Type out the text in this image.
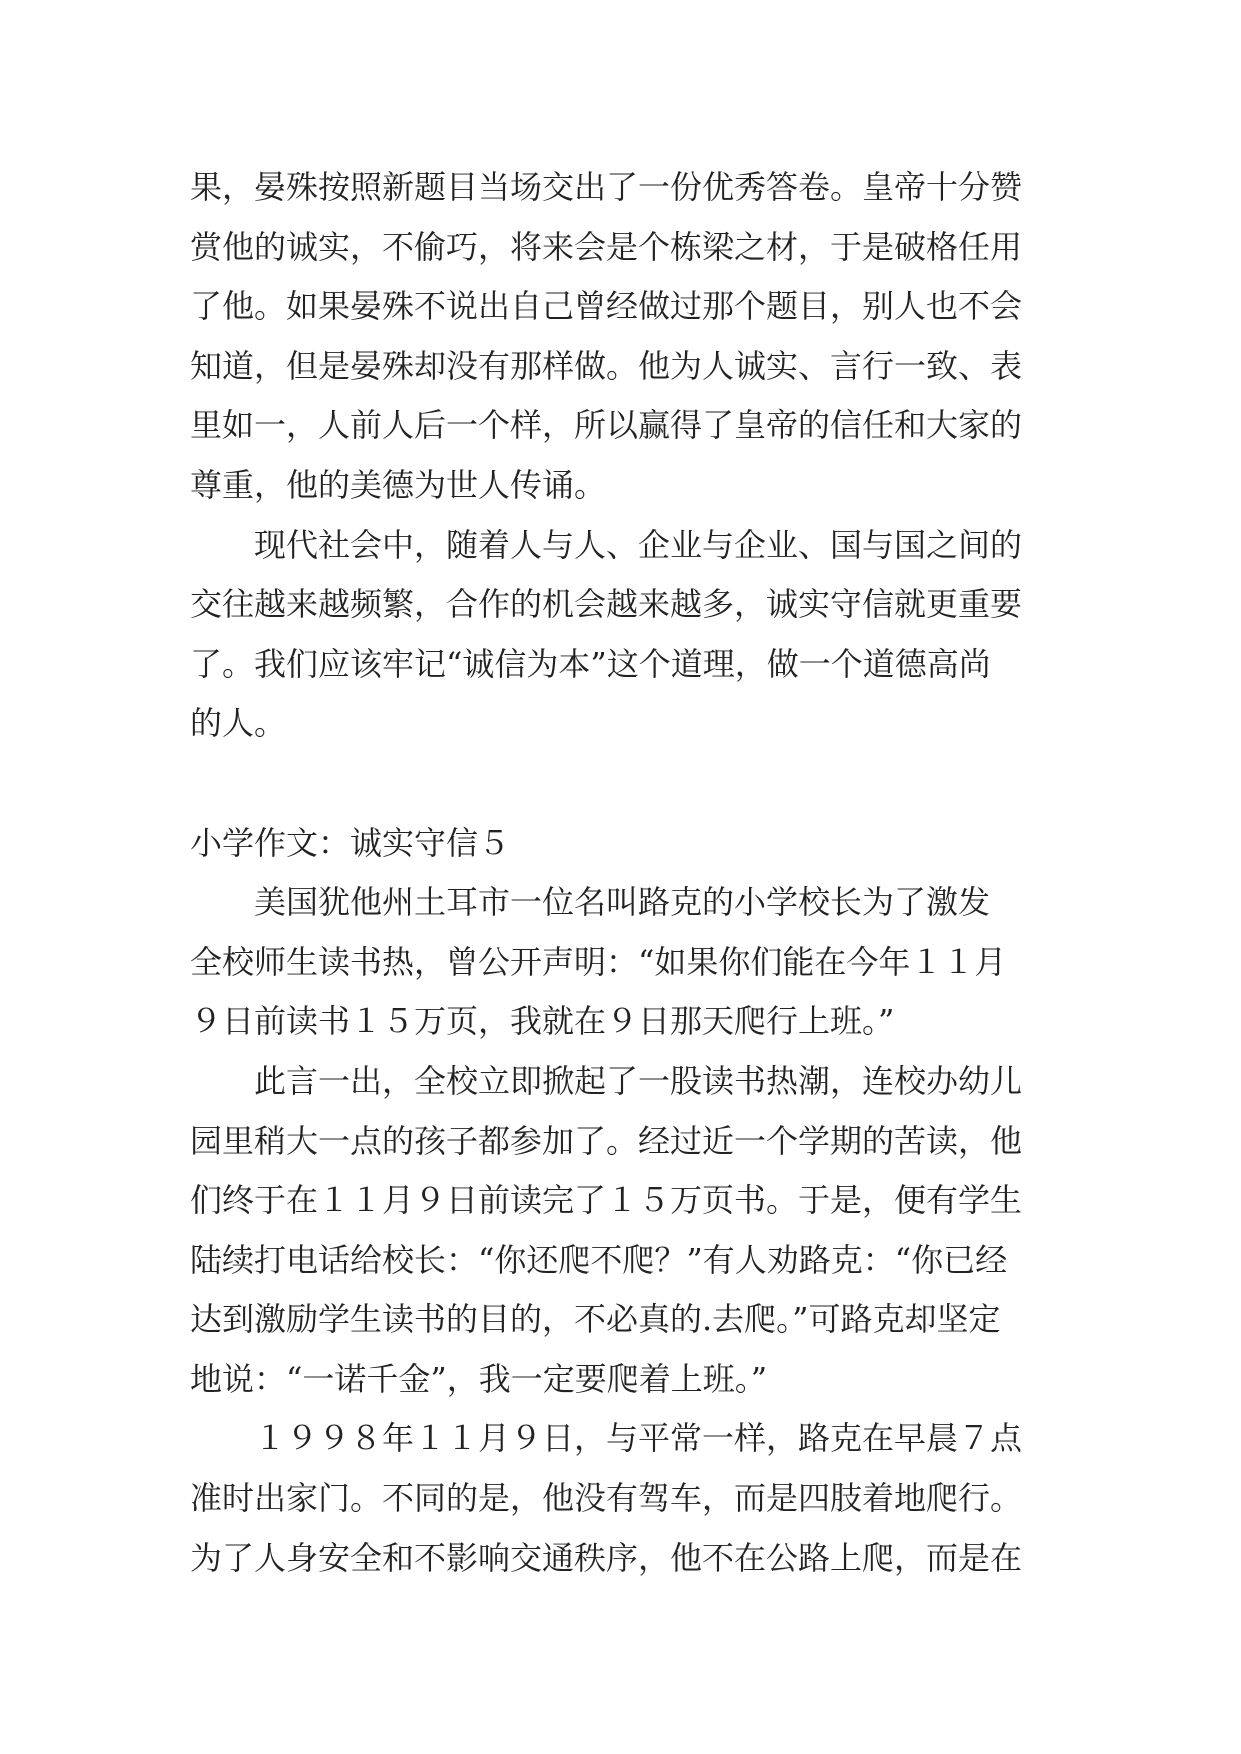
果，晏殊按照新题目当场交出了一份优秀答卷。皇帝十分赞
赏他的诚实，不偷巧，将来会是个栋梁之材，于是破格任用
了他。如果晏殊不说出自己曾经做过那个题目，别人也不会
知道，但是晏殊却没有那样做。他为人诚实、言行一致、表
里如一，人前人后一个样，所以赢得了皇帝的信任和大家的
尊重，他的美德为世人传诵。
现代社会中，随着人与人、企业与企业、国与国之间的
交往越来越频繁，合作的机会越来越多，诚实守信就更重要
了。我们应该牢记“诚信为本”这个道理，做一个道德高尚
的人。
小学作文：诚实守信５
美国犹他州土耳市一位名叫路克的小学校长为了激发
全校师生读书热，曾公开声明：“如果你们能在今年１１月
９日前读书１５万页，我就在９日那天爬行上班。”
此言一出，全校立即掀起了一股读书热潮，连校办幼儿
园里稍大一点的孩子都参加了。经过近一个学期的苦读，他
们终于在１１月９日前读完了１５万页书。于是，便有学生
陆续打电话给校长：“你还爬不爬？”有人劝路克：“你已经
达到激励学生读书的目的，不必真的.去爬。”可路克却坚定
地说：“一诺千金”，我一定要爬着上班。”
１９９８年１１月９日，与平常一样，路克在早晨７点
准时出家门。不同的是，他没有驾车，而是四肢着地爬行。
为了人身安全和不影响交通秩序，他不在公路上爬，而是在
